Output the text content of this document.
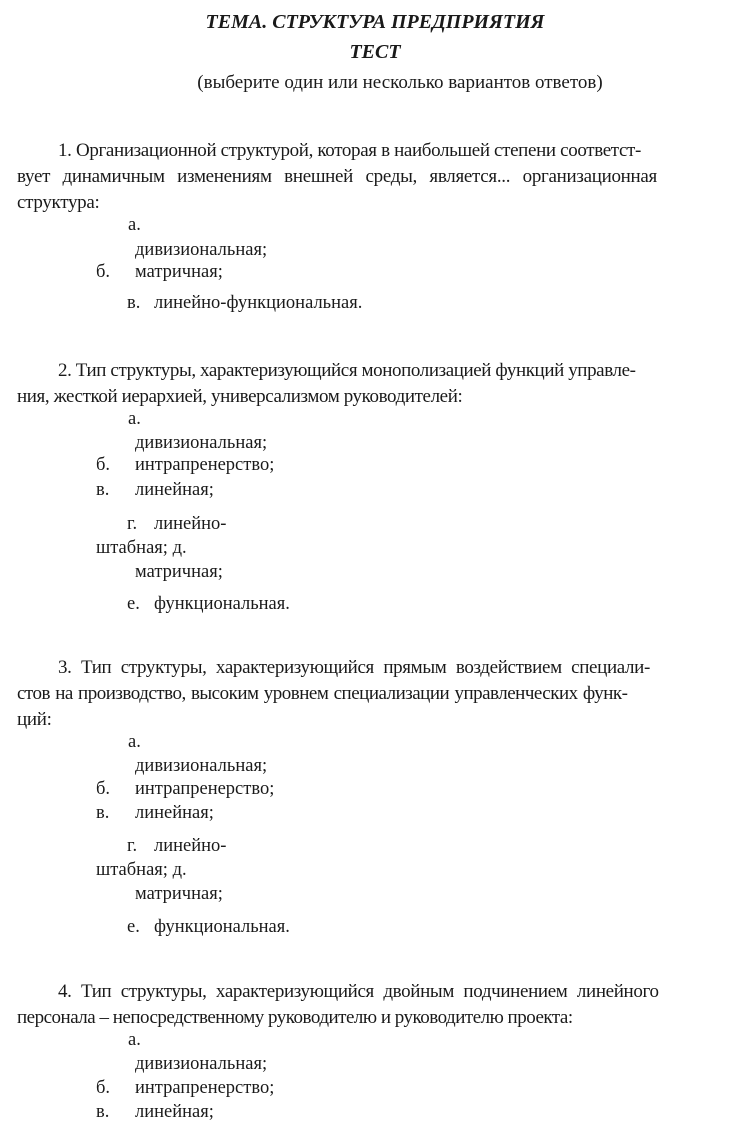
ТЕМА. СТРУКТУРА ПРЕДПРИЯТИЯ
ТЕСТ
(выберите один или несколько вариантов ответов)
1. Организационной структурой, которая в наибольшей степени соответст-
вует динамичным изменениям внешней среды, является... организационная
структура:
а.
дивизиональная;
б. матричная;
в. линейно-функциональная.
2. Тип структуры, характеризующийся монополизацией функций управле-
ния, жесткой иерархией, универсализмом руководителей:
а.
дивизиональная;
б. интрапренерство;
в. линейная;
г. линейно-
штабная; д.
матричная;
е. функциональная.
3. Тип структуры, характеризующийся прямым воздействием специали-
стов на производство, высоким уровнем специализации управленческих функ-
ций:
а.
дивизиональная;
б. интрапренерство;
в. линейная;
г. линейно-
штабная; д.
матричная;
е. функциональная.
4. Тип структуры, характеризующийся двойным подчинением линейного
персонала – непосредственному руководителю и руководителю проекта:
а.
дивизиональная;
б. интрапренерство;
в. линейная;
